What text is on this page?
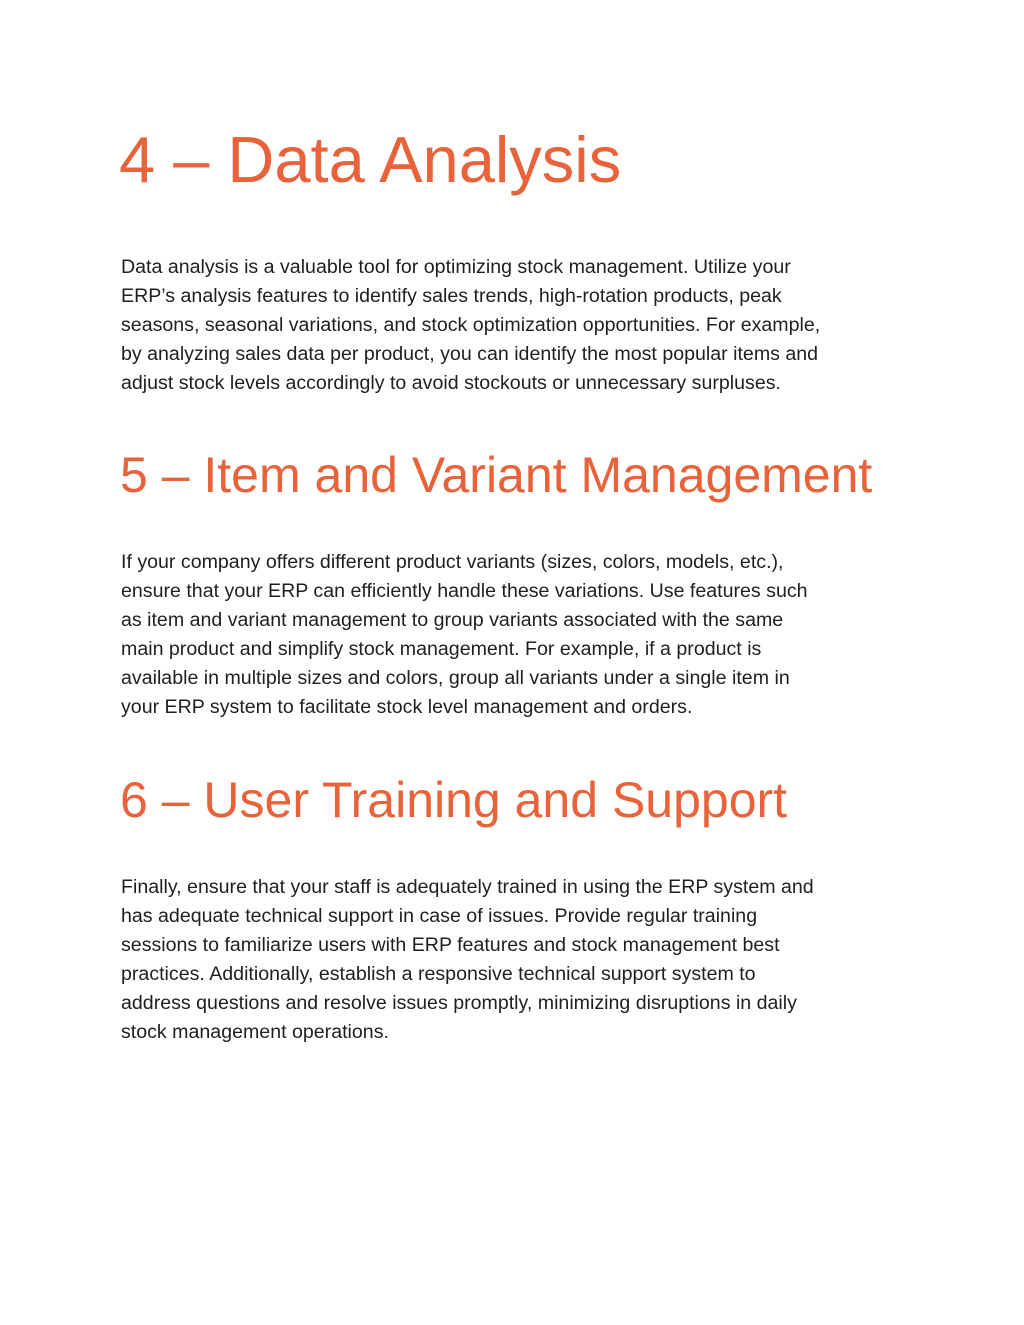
4 – Data Analysis

Data analysis is a valuable tool for optimizing stock management. Utilize your
ERP’s analysis features to identify sales trends, high-rotation products, peak
seasons, seasonal variations, and stock optimization opportunities. For example,
by analyzing sales data per product, you can identify the most popular items and
adjust stock levels accordingly to avoid stockouts or unnecessary surpluses.

5 – Item and Variant Management

If your company offers different product variants (sizes, colors, models, etc.),
ensure that your ERP can efficiently handle these variations. Use features such
as item and variant management to group variants associated with the same
main product and simplify stock management. For example, if a product is
available in multiple sizes and colors, group all variants under a single item in
your ERP system to facilitate stock level management and orders.

6 – User Training and Support

Finally, ensure that your staff is adequately trained in using the ERP system and
has adequate technical support in case of issues. Provide regular training
sessions to familiarize users with ERP features and stock management best
practices. Additionally, establish a responsive technical support system to
address questions and resolve issues promptly, minimizing disruptions in daily
stock management operations.
